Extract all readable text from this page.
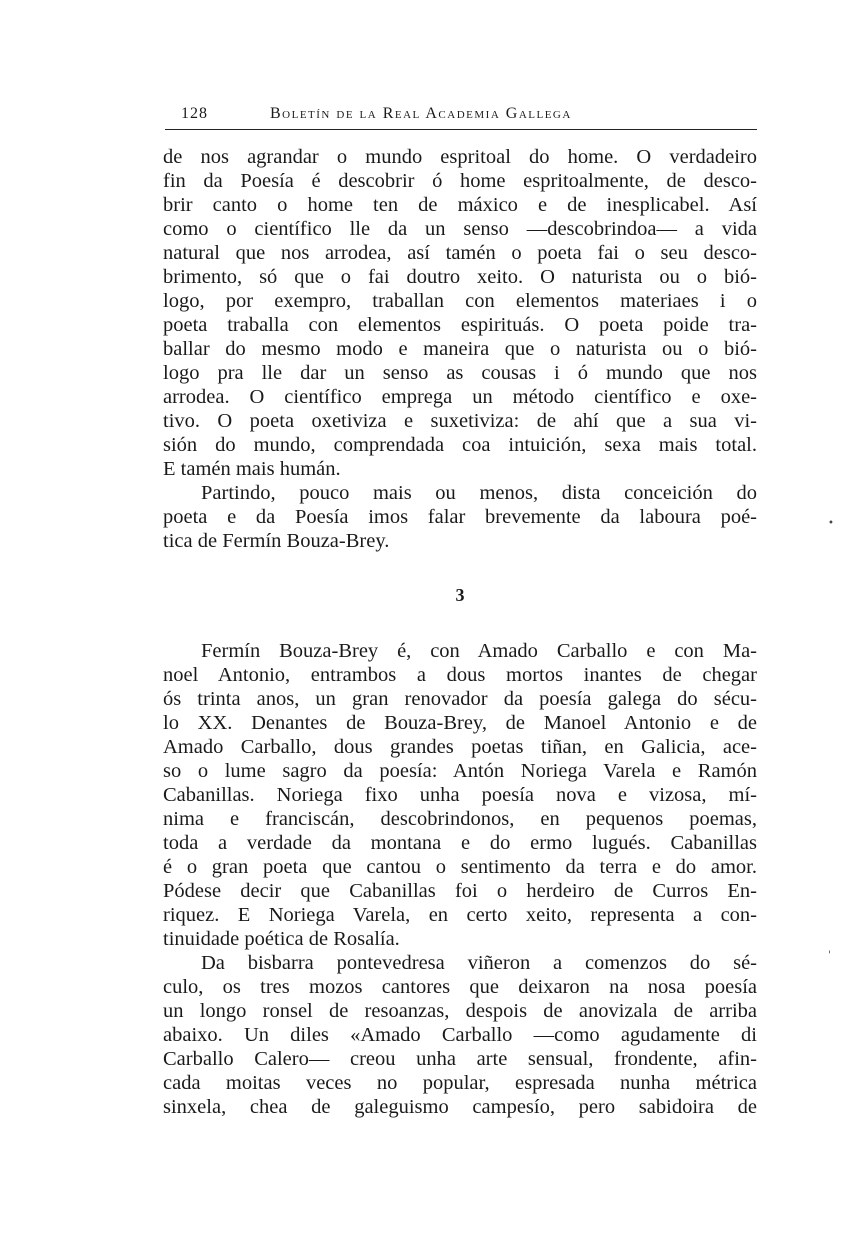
128	Boletín de la Real Academia Gallega

de nos agrandar o mundo espritoal do home. O verdadeiro
fin da Poesía é descobrir ó home espritoalmente, de desco-
brir canto o home ten de máxico e de inesplicabel. Así
como o científico lle da un senso —descobrindoa— a vida
natural que nos arrodea, así tamén o poeta fai o seu desco-
brimento, só que o fai doutro xeito. O naturista ou o bió-
logo, por exempro, traballan con elementos materiaes i o
poeta traballa con elementos espirituás. O poeta poide tra-
ballar do mesmo modo e maneira que o naturista ou o bió-
logo pra lle dar un senso as cousas i ó mundo que nos
arrodea. O científico emprega un método científico e oxe-
tivo. O poeta oxetiviza e suxetiviza: de ahí que a sua vi-
sión do mundo, comprendada coa intuición, sexa mais total.
E tamén mais humán.

Partindo, pouco mais ou menos, dista conceición do
poeta e da Poesía imos falar brevemente da laboura poé-
tica de Fermín Bouza-Brey.

3

Fermín Bouza-Brey é, con Amado Carballo e con Ma-
noel Antonio, entrambos a dous mortos inantes de chegar
ós trinta anos, un gran renovador da poesía galega do sécu-
lo XX. Denantes de Bouza-Brey, de Manoel Antonio e de
Amado Carballo, dous grandes poetas tiñan, en Galicia, ace-
so o lume sagro da poesía: Antón Noriega Varela e Ramón
Cabanillas. Noriega fixo unha poesía nova e vizosa, mí-
nima e franciscán, descobrindonos, en pequenos poemas,
toda a verdade da montana e do ermo lugués. Cabanillas
é o gran poeta que cantou o sentimento da terra e do amor.
Pódese decir que Cabanillas foi o herdeiro de Curros En-
riquez. E Noriega Varela, en certo xeito, representa a con-
tinuidade poética de Rosalía.

Da bisbarra pontevedresa viñeron a comenzos do sé-
culo, os tres mozos cantores que deixaron na nosa poesía
un longo ronsel de resoanzas, despois de anovizala de arriba
abaixo. Un diles «Amado Carballo —como agudamente di
Carballo Calero— creou unha arte sensual, frondente, afin-
cada moitas veces no popular, espresada nunha métrica
sinxela, chea de galeguismo campesío, pero sabidoira de

•
'
